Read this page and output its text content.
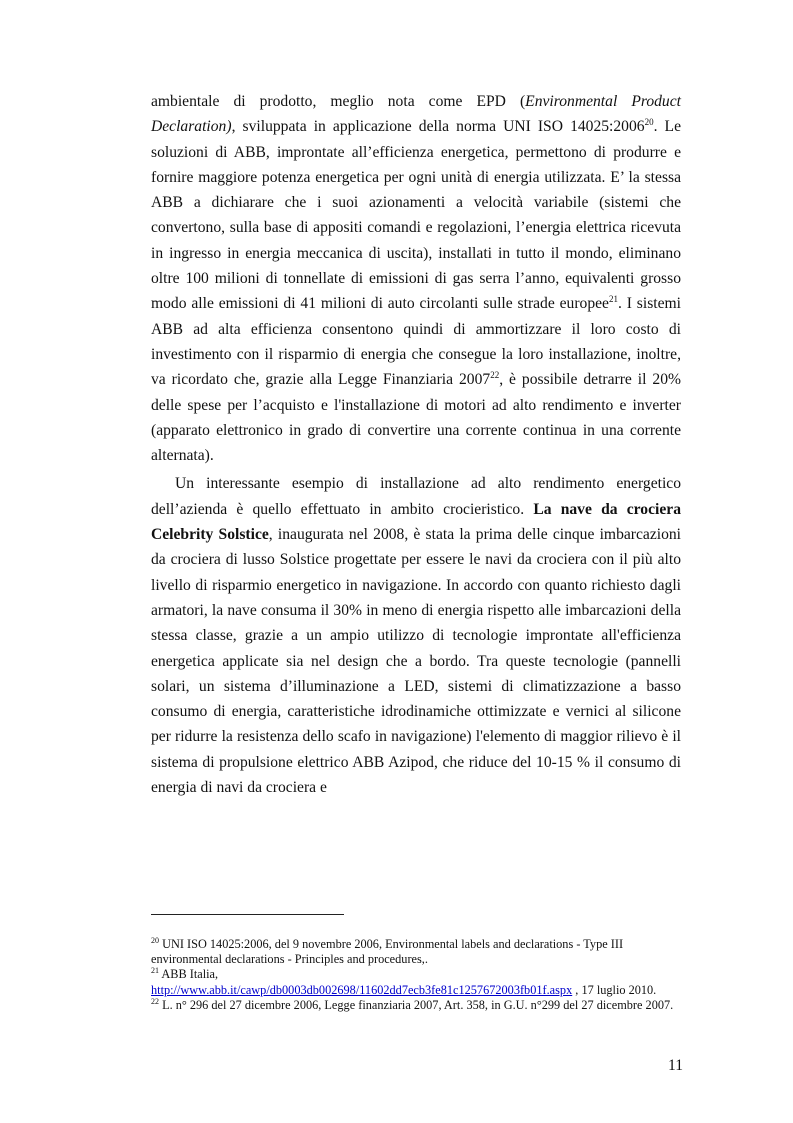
ambientale di prodotto, meglio nota come EPD (Environmental Product Declaration), sviluppata in applicazione della norma UNI ISO 14025:2006$^{20}$. Le soluzioni di ABB, improntate all’efficienza energetica, permettono di produrre e fornire maggiore potenza energetica per ogni unità di energia utilizzata. E’ la stessa ABB a dichiarare che i suoi azionamenti a velocità variabile (sistemi che convertono, sulla base di appositi comandi e regolazioni, l’energia elettrica ricevuta in ingresso in energia meccanica di uscita), installati in tutto il mondo, eliminano oltre 100 milioni di tonnellate di emissioni di gas serra l’anno, equivalenti grosso modo alle emissioni di 41 milioni di auto circolanti sulle strade europee$^{21}$. I sistemi ABB ad alta efficienza consentono quindi di ammortizzare il loro costo di investimento con il risparmio di energia che consegue la loro installazione, inoltre, va ricordato che, grazie alla Legge Finanziaria 2007$^{22}$, è possibile detrarre il 20% delle spese per l’acquisto e l'installazione di motori ad alto rendimento e inverter (apparato elettronico in grado di convertire una corrente continua in una corrente alternata).

Un interessante esempio di installazione ad alto rendimento energetico dell’azienda è quello effettuato in ambito crocieristico. La nave da crociera Celebrity Solstice, inaugurata nel 2008, è stata la prima delle cinque imbarcazioni da crociera di lusso Solstice progettate per essere le navi da crociera con il più alto livello di risparmio energetico in navigazione. In accordo con quanto richiesto dagli armatori, la nave consuma il 30% in meno di energia rispetto alle imbarcazioni della stessa classe, grazie a un ampio utilizzo di tecnologie improntate all'efficienza energetica applicate sia nel design che a bordo. Tra queste tecnologie (pannelli solari, un sistema d’illuminazione a LED, sistemi di climatizzazione a basso consumo di energia, caratteristiche idrodinamiche ottimizzate e vernici al silicone per ridurre la resistenza dello scafo in navigazione) l'elemento di maggior rilievo è il sistema di propulsione elettrico ABB Azipod, che riduce del 10-15 % il consumo di energia di navi da crociera e

$^{20}$ UNI ISO 14025:2006, del 9 novembre 2006, Environmental labels and declarations - Type III environmental declarations - Principles and procedures,.

$^{21}$ ABB Italia,
http://www.abb.it/cawp/db0003db002698/11602dd7ecb3fe81c1257672003fb01f.aspx , 17 luglio 2010.

$^{22}$ L. n° 296 del 27 dicembre 2006, Legge finanziaria 2007, Art. 358, in G.U. n°299 del 27 dicembre 2007.

11
